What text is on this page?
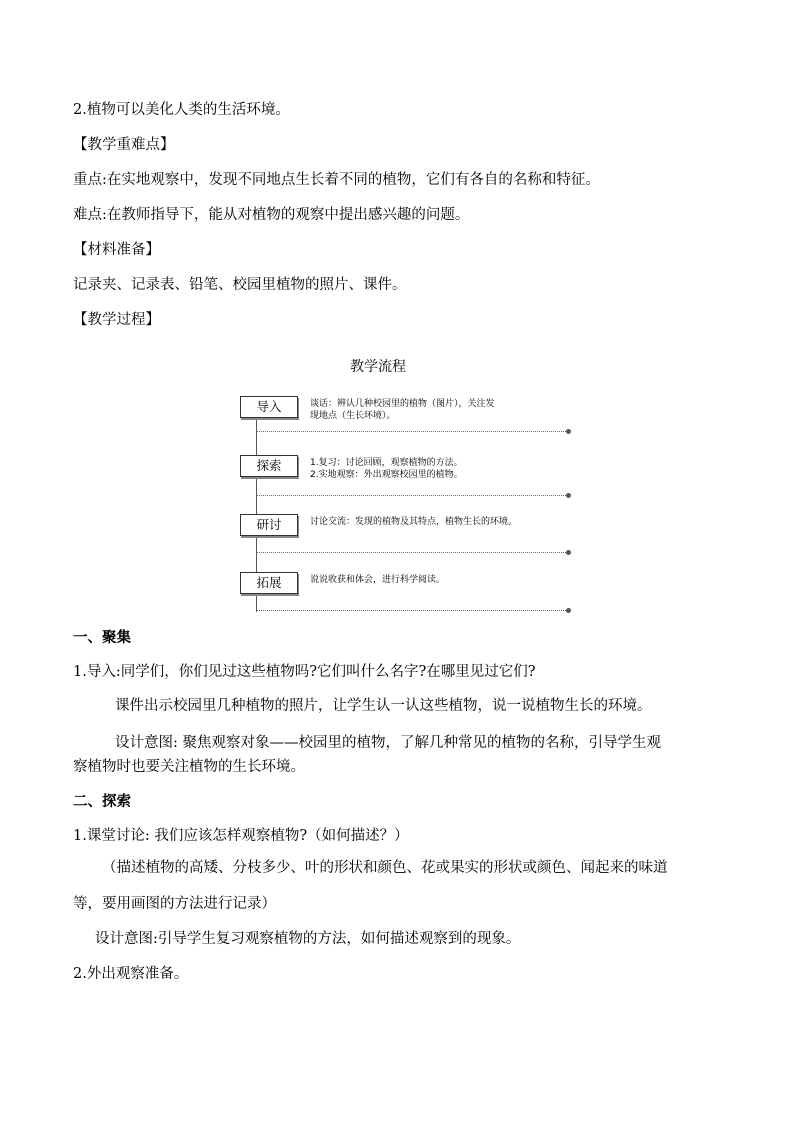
2.植物可以美化人类的生活环境。
【教学重难点】
重点:在实地观察中，发现不同地点生长着不同的植物，它们有各自的名称和特征。
难点:在教师指导下，能从对植物的观察中提出感兴趣的问题。
【材料准备】
记录夹、记录表、铅笔、校园里植物的照片、课件。
【教学过程】
教学流程
导入	谈话：辨认几种校园里的植物（图片），关注发
现地点（生长环境）。
探索	1.复习：讨论回顾，观察植物的方法。
2.实地观察：外出观察校园里的植物。
研讨	讨论交流：发现的植物及其特点，植物生长的环境。
拓展	说说收获和体会，进行科学阅读。
一、聚集
1.导入:同学们，你们见过这些植物吗?它们叫什么名字?在哪里见过它们?
课件出示校园里几种植物的照片，让学生认一认这些植物，说一说植物生长的环境。
设计意图: 聚焦观察对象——校园里的植物，了解几种常见的植物的名称，引导学生观
察植物时也要关注植物的生长环境。
二、探索
1.课堂讨论: 我们应该怎样观察植物?（如何描述？）
（描述植物的高矮、分枝多少、叶的形状和颜色、花或果实的形状或颜色、闻起来的味道
等，要用画图的方法进行记录）
设计意图:引导学生复习观察植物的方法，如何描述观察到的现象。
2.外出观察准备。
